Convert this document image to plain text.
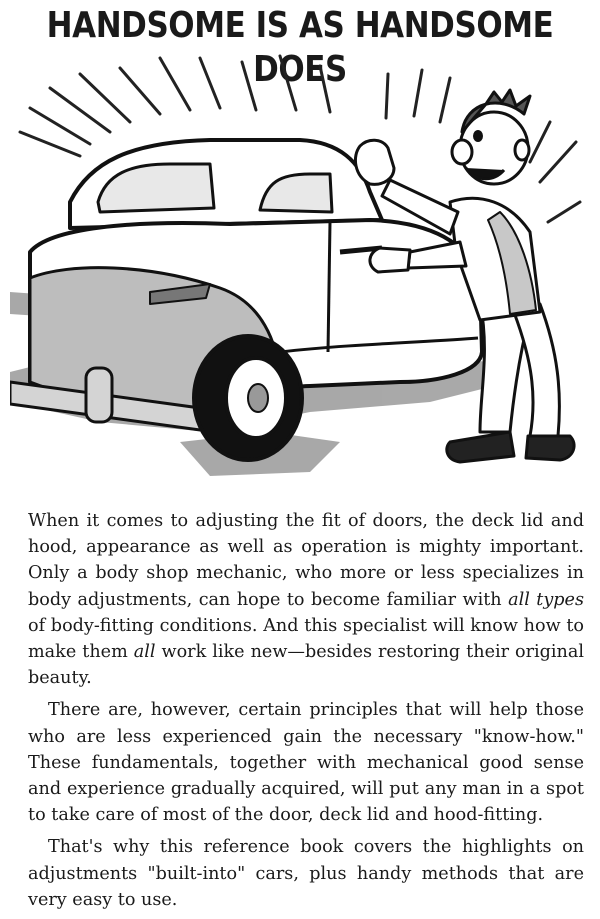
HANDSOME IS AS HANDSOME DOES

When it comes to adjusting the fit of doors, the deck lid and hood, appearance as well as operation is mighty important. Only a body shop mechanic, who more or less specializes in body adjustments, can hope to become familiar with all types of body-fitting conditions. And this specialist will know how to make them all work like new—besides restoring their original beauty.

There are, however, certain principles that will help those who are less experienced gain the necessary "know-how." These fundamentals, together with mechanical good sense and experience gradually acquired, will put any man in a spot to take care of most of the door, deck lid and hood-fitting.

That's why this reference book covers the highlights on adjustments "built-into" cars, plus handy methods that are very easy to use.
